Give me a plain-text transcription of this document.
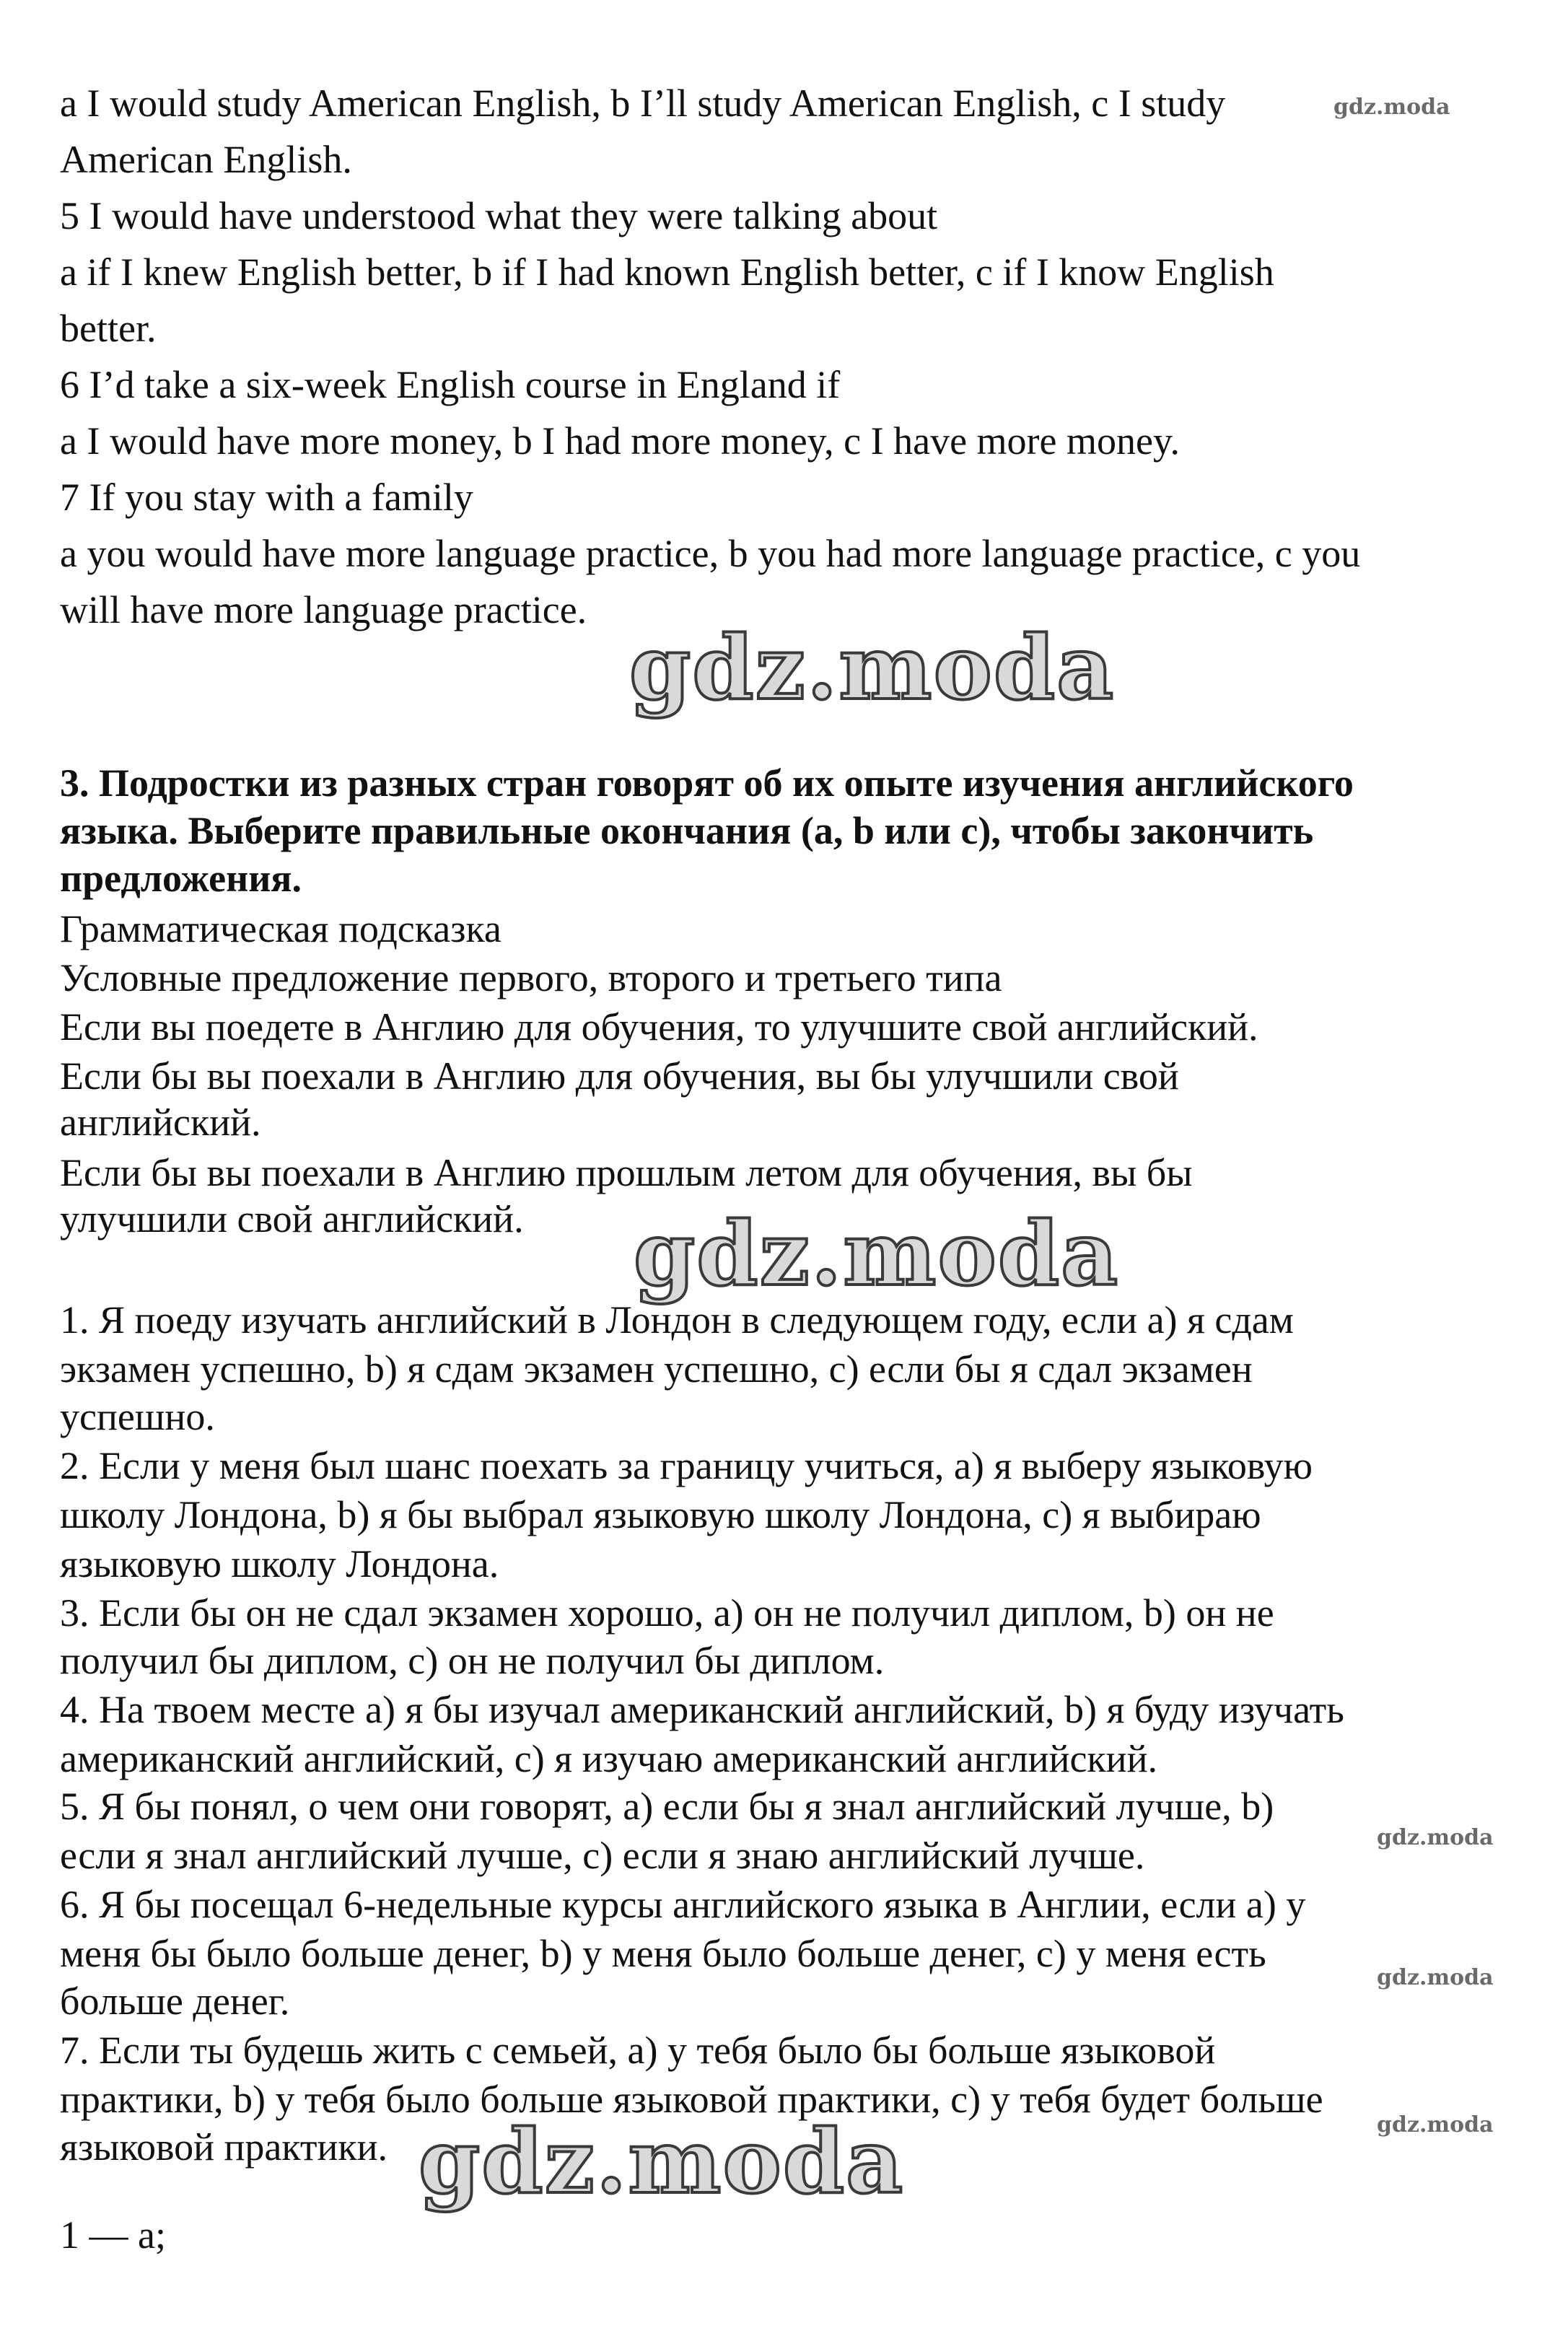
a I would study American English, b I’ll study American English, c I study

American English.

5 I would have understood what they were talking about

a if I knew English better, b if I had known English better, c if I know English

better.

6 I’d take a six-week English course in England if

a I would have more money, b I had more money, c I have more money.

7 If you stay with a family

a you would have more language practice, b you had more language practice, c you

will have more language practice.

3. Подростки из разных стран говорят об их опыте изучения английского

языка. Выберите правильные окончания (a, b или c), чтобы закончить

предложения.

Грамматическая подсказка

Условные предложение первого, второго и третьего типа

Если вы поедете в Англию для обучения, то улучшите свой английский.

Если бы вы поехали в Англию для обучения, вы бы улучшили свой

английский.

Если бы вы поехали в Англию прошлым летом для обучения, вы бы

улучшили свой английский.

1. Я поеду изучать английский в Лондон в следующем году, если a) я сдам

экзамен успешно, b) я сдам экзамен успешно, c) если бы я сдал экзамен

успешно.

2. Если у меня был шанс поехать за границу учиться, a) я выберу языковую

школу Лондона, b) я бы выбрал языковую школу Лондона, c) я выбираю

языковую школу Лондона.

3. Если бы он не сдал экзамен хорошо, a) он не получил диплом, b) он не

получил бы диплом, c) он не получил бы диплом.

4. На твоем месте a) я бы изучал американский английский, b) я буду изучать

американский английский, c) я изучаю американский английский.

5. Я бы понял, о чем они говорят, a) если бы я знал английский лучше, b)

если я знал английский лучше, c) если я знаю английский лучше.

6. Я бы посещал 6-недельные курсы английского языка в Англии, если a) у

меня бы было больше денег, b) у меня было больше денег, c) у меня есть

больше денег.

7. Если ты будешь жить с семьей, a) у тебя было бы больше языковой

практики, b) у тебя было больше языковой практики, c) у тебя будет больше

языковой практики.

1 — a;

gdz.moda
gdz.moda
gdz.moda
gdz.moda
gdz.moda
gdz.moda
gdz.moda
